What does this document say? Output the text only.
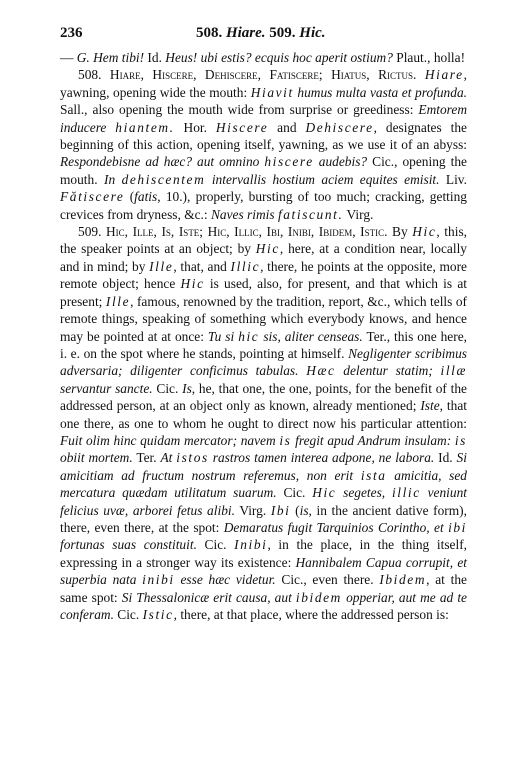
236	508. Hiare. 509. Hic.

— G. Hem tibi! Id. Heus! ubi estis? ecquis hoc aperit ostium? Plaut., holla!

508. Hiare, Hiscere, Dehiscere, Fatiscere; Hiatus, Rictus. Hiare, yawning, opening wide the mouth: Hiavit humus multa vasta et profunda. Sall., also opening the mouth wide from surprise or greediness: Emtorem inducere hiantem. Hor. Hiscere and Dehiscere, designates the beginning of this action, opening itself, yawning, as we use it of an abyss: Respondebisne ad hæc? aut omnino hiscere audebis? Cic., opening the mouth. In dehiscentem intervallis hostium aciem equites emisit. Liv. Fătiscere (fatis, 10.), properly, bursting of too much; cracking, getting crevices from dryness, &c.: Naves rimis fatiscunt. Virg.

509. Hic, Ille, Is, Iste; Hic, Illic, Ibi, Inibi, Ibidem, Istic. By Hic, this, the speaker points at an object; by Hic, here, at a condition near, locally and in mind; by Ille, that, and Illic, there, he points at the opposite, more remote object; hence Hic is used, also, for present, and that which is at present; Ille, famous, renowned by the tradition, report, &c., which tells of remote things, speaking of something which everybody knows, and hence may be pointed at at once: Tu si hic sis, aliter censeas. Ter., this one here, i. e. on the spot where he stands, pointing at himself. Negligenter scribimus adversaria; diligenter conficimus tabulas. Hæc delentur statim; illæ servantur sancte. Cic. Is, he, that one, the one, points, for the benefit of the addressed person, at an object only as known, already mentioned; Iste, that one there, as one to whom he ought to direct now his particular attention: Fuit olim hinc quidam mercator; navem is fregit apud Andrum insulam: is obiit mortem. Ter. At istos rastros tamen interea adpone, ne labora. Id. Si amicitiam ad fructum nostrum referemus, non erit ista amicitia, sed mercatura quædam utilitatum suarum. Cic. Hic segetes, illic veniunt felicius uvæ, arborei fetus alibi. Virg. Ibi (is, in the ancient dative form), there, even there, at the spot: Demaratus fugit Tarquinios Corintho, et ibi fortunas suas constituit. Cic. Inibi, in the place, in the thing itself, expressing in a stronger way its existence: Hannibalem Capua corrupit, et superbia nata inibi esse hæc videtur. Cic., even there. Ibidem, at the same spot: Si Thessalonicæ erit causa, aut ibidem opperiar, aut me ad te conferam. Cic. Istic, there, at that place, where the addressed person is:
